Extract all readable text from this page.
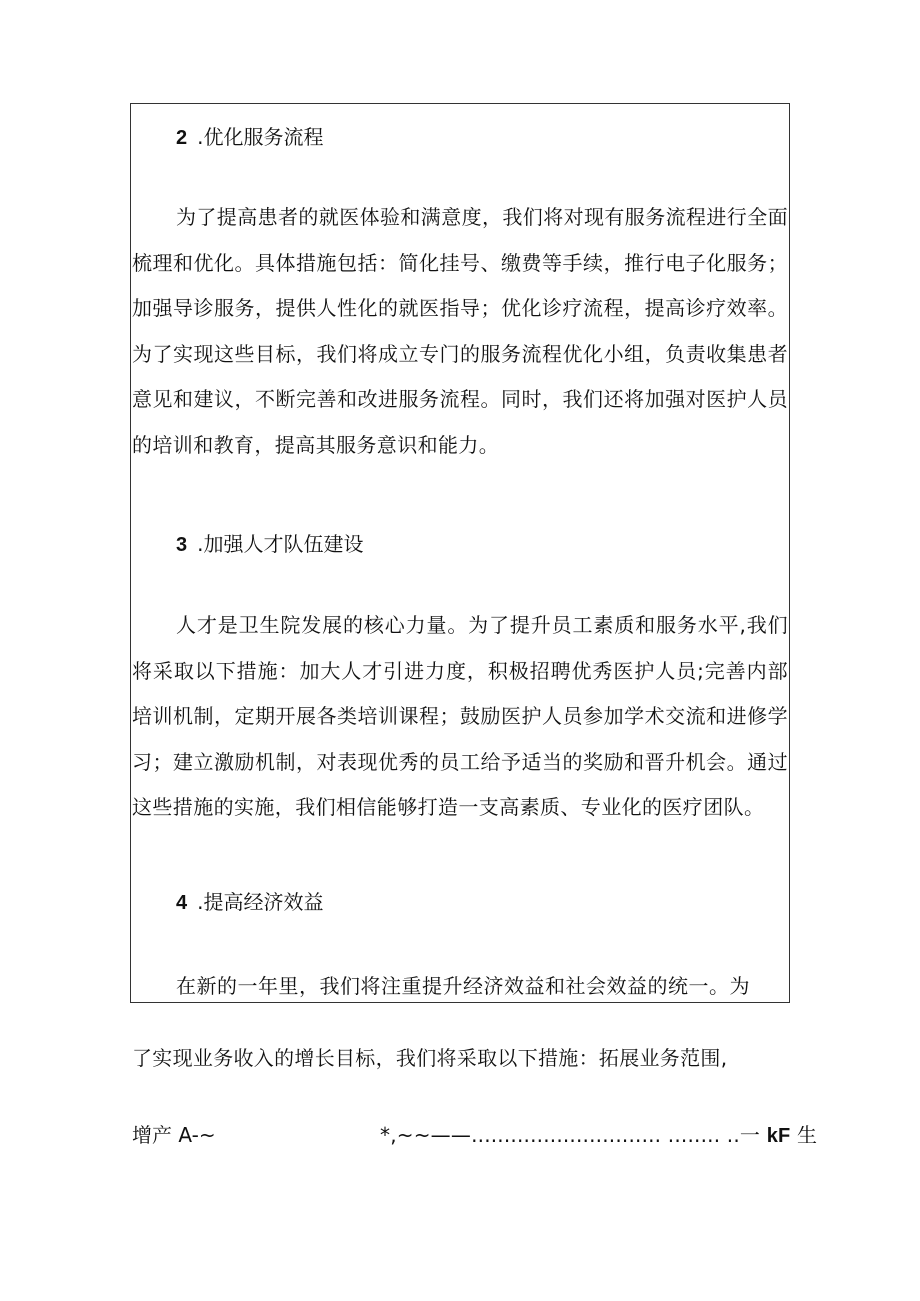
2 .优化服务流程

为了提高患者的就医体验和满意度，我们将对现有服务流程进行全面梳理和优化。具体措施包括：简化挂号、缴费等手续，推行电子化服务；加强导诊服务，提供人性化的就医指导；优化诊疗流程，提高诊疗效率。为了实现这些目标，我们将成立专门的服务流程优化小组，负责收集患者意见和建议，不断完善和改进服务流程。同时，我们还将加强对医护人员的培训和教育，提高其服务意识和能力。

3 .加强人才队伍建设

人才是卫生院发展的核心力量。为了提升员工素质和服务水平,我们将采取以下措施：加大人才引进力度，积极招聘优秀医护人员;完善内部培训机制，定期开展各类培训课程；鼓励医护人员参加学术交流和进修学习；建立激励机制，对表现优秀的员工给予适当的奖励和晋升机会。通过这些措施的实施，我们相信能够打造一支高素质、专业化的医疗团队。

4 .提高经济效益
在新的一年里，我们将注重提升经济效益和社会效益的统一。为
了实现业务收入的增长目标，我们将采取以下措施：拓展业务范围,
增产 A-~	*,~~——............................. ........ ..一 kF 生
